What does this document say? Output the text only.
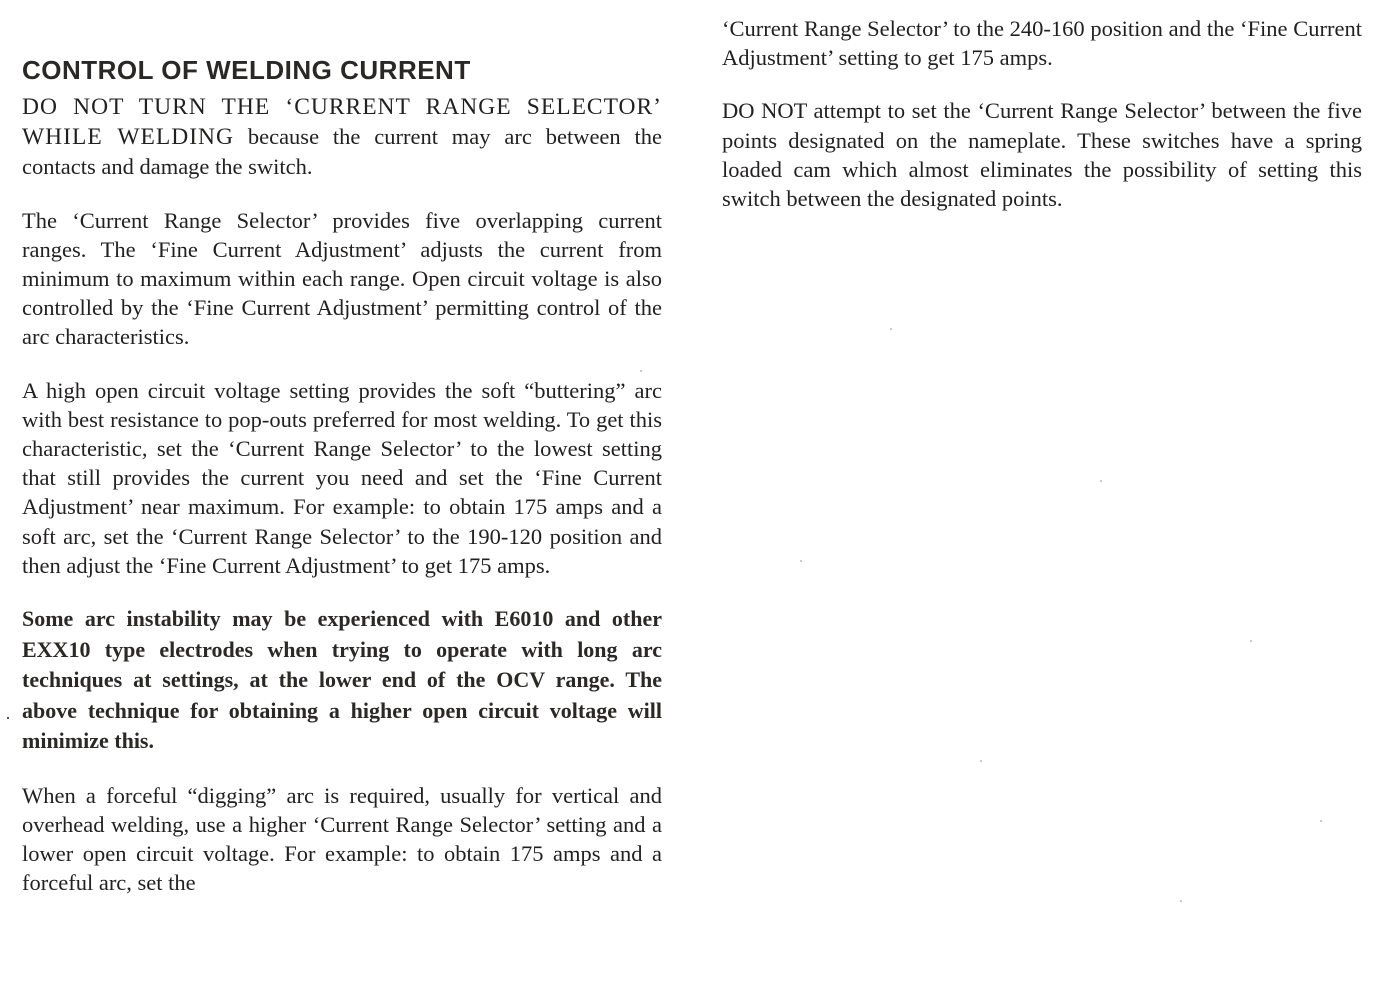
CONTROL OF WELDING CURRENT

DO NOT TURN THE ‘CURRENT RANGE SELECTOR’ WHILE WELDING because the current may arc between the contacts and damage the switch.

The ‘Current Range Selector’ provides five overlapping current ranges. The ‘Fine Current Adjustment’ adjusts the current from minimum to maximum within each range. Open circuit voltage is also controlled by the ‘Fine Current Adjustment’ permitting control of the arc characteristics.

A high open circuit voltage setting provides the soft “buttering” arc with best resistance to pop-outs preferred for most welding. To get this characteristic, set the ‘Current Range Selector’ to the lowest setting that still provides the current you need and set the ‘Fine Current Adjustment’ near maximum. For example: to obtain 175 amps and a soft arc, set the ‘Current Range Selector’ to the 190-120 position and then adjust the ‘Fine Current Adjustment’ to get 175 amps.

Some arc instability may be experienced with E6010 and other EXX10 type electrodes when trying to operate with long arc techniques at settings, at the lower end of the OCV range. The above technique for obtaining a higher open circuit voltage will minimize this.

When a forceful “digging” arc is required, usually for vertical and overhead welding, use a higher ‘Current Range Selector’ setting and a lower open circuit voltage. For example: to obtain 175 amps and a forceful arc, set the

·

‘Current Range Selector’ to the 240-160 position and the ‘Fine Current Adjustment’ setting to get 175 amps.

DO NOT attempt to set the ‘Current Range Selector’ between the five points designated on the nameplate. These switches have a spring loaded cam which almost eliminates the possibility of setting this switch between the designated points.
